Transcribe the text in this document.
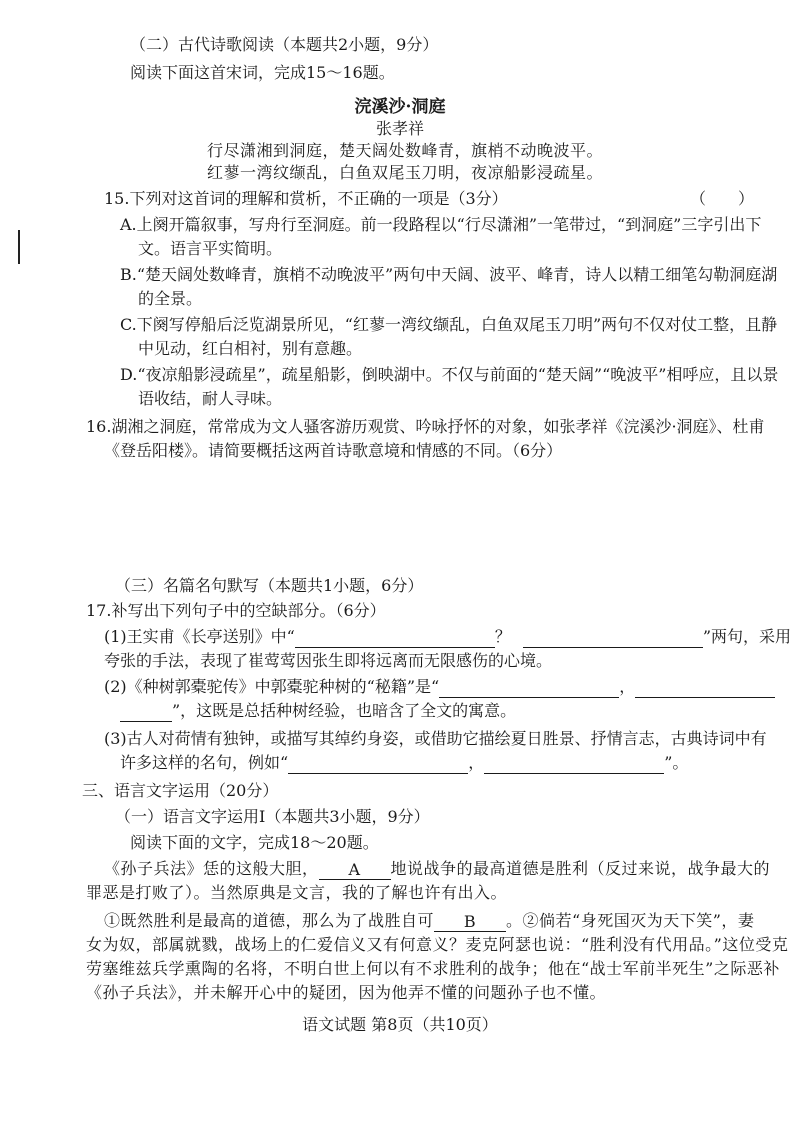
（二）古代诗歌阅读（本题共2小题，9分）
阅读下面这首宋词，完成15～16题。
浣溪沙·洞庭
张孝祥
行尽潇湘到洞庭，楚天阔处数峰青，旗梢不动晚波平。
红蓼一湾纹缬乱，白鱼双尾玉刀明，夜凉船影浸疏星。
15.下列对这首词的理解和赏析，不正确的一项是（3分）	（　　）
A.上阕开篇叙事，写舟行至洞庭。前一段路程以“行尽潇湘”一笔带过，“到洞庭”三字引出下
文。语言平实简明。
B.“楚天阔处数峰青，旗梢不动晚波平”两句中天阔、波平、峰青，诗人以精工细笔勾勒洞庭湖
的全景。
C.下阕写停船后泛览湖景所见，“红蓼一湾纹缬乱，白鱼双尾玉刀明”两句不仅对仗工整，且静
中见动，红白相衬，别有意趣。
D.“夜凉船影浸疏星”，疏星船影，倒映湖中。不仅与前面的“楚天阔”“晚波平”相呼应，且以景
语收结，耐人寻味。
16.湖湘之洞庭，常常成为文人骚客游历观赏、吟咏抒怀的对象，如张孝祥《浣溪沙·洞庭》、杜甫
《登岳阳楼》。请简要概括这两首诗歌意境和情感的不同。（6分）
（三）名篇名句默写（本题共1小题，6分）
17.补写出下列句子中的空缺部分。（6分）
(1)王实甫《长亭送别》中“	？	”两句，采用
夸张的手法，表现了崔莺莺因张生即将远离而无限感伤的心境。
(2)《种树郭橐驼传》中郭橐驼种树的“秘籍”是“	，
”，这既是总括种树经验，也暗含了全文的寓意。
(3)古人对荷情有独钟，或描写其绰约身姿，或借助它描绘夏日胜景、抒情言志，古典诗词中有
许多这样的名句，例如“	，	”。
三、语言文字运用（20分）
（一）语言文字运用Ⅰ（本题共3小题，9分）
阅读下面的文字，完成18～20题。
《孙子兵法》恁的这般大胆， A 地说战争的最高道德是胜利（反过来说，战争最大的
罪恶是打败了）。当然原典是文言，我的了解也许有出入。
①既然胜利是最高的道德，那么为了战胜自可 B 。②倘若“身死国灭为天下笑”，妻
女为奴，部属就戮，战场上的仁爱信义又有何意义？麦克阿瑟也说：“胜利没有代用品。”这位受克
劳塞维兹兵学熏陶的名将，不明白世上何以有不求胜利的战争；他在“战士军前半死生”之际恶补
《孙子兵法》，并未解开心中的疑团，因为他弄不懂的问题孙子也不懂。
语文试题 第8页（共10页）
